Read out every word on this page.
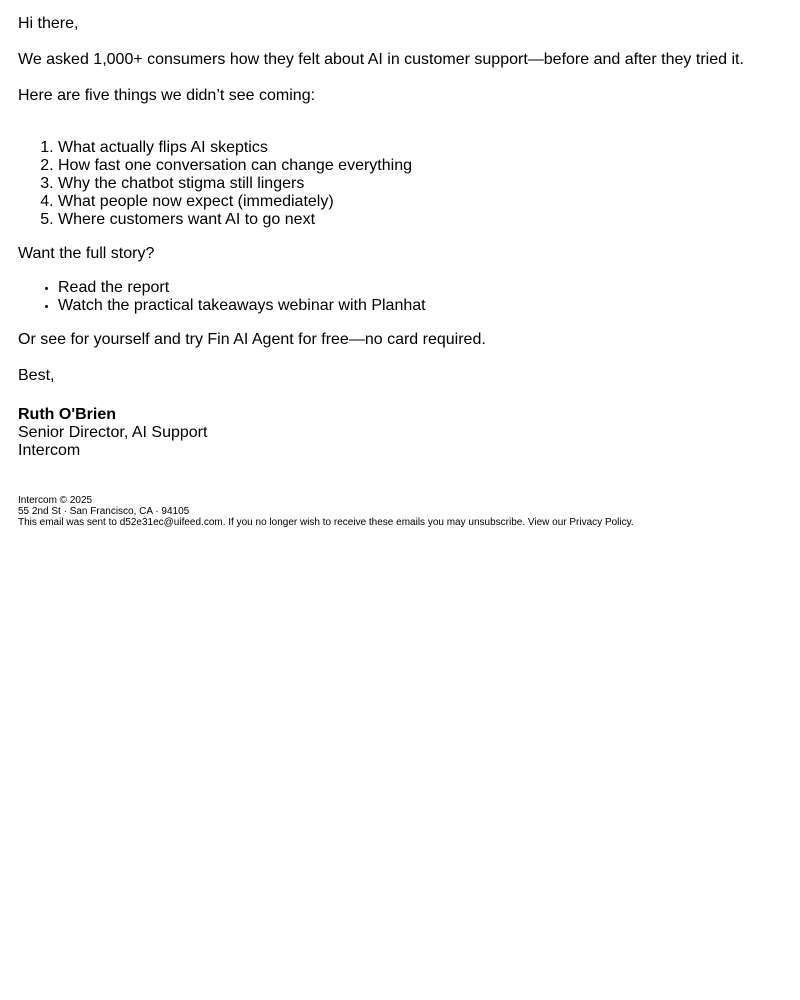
Hi there,

We asked 1,000+ consumers how they felt about AI in customer support—before and after they tried it.

Here are five things we didn’t see coming:

1. What actually flips AI skeptics
2. How fast one conversation can change everything
3. Why the chatbot stigma still lingers
4. What people now expect (immediately)
5. Where customers want AI to go next

Want the full story?

• Read the report
• Watch the practical takeaways webinar with Planhat

Or see for yourself and try Fin AI Agent for free—no card required.

Best,

Ruth O'Brien
Senior Director, AI Support
Intercom
Intercom © 2025
55 2nd St · San Francisco, CA · 94105
This email was sent to d52e31ec@uifeed.com. If you no longer wish to receive these emails you may unsubscribe. View our Privacy Policy.
